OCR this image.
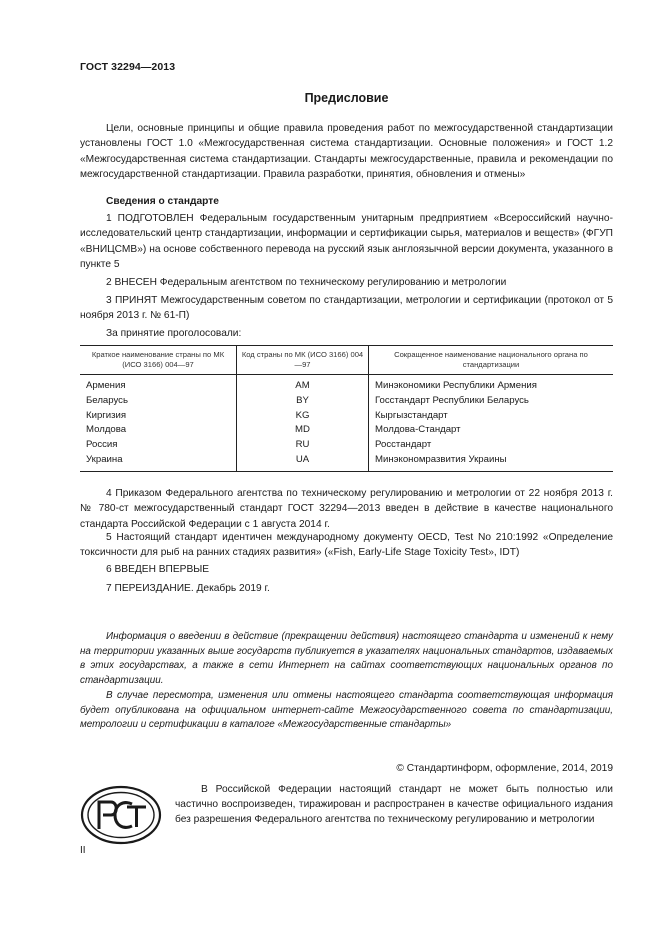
ГОСТ 32294—2013
Предисловие

Цели, основные принципы и общие правила проведения работ по межгосударственной стандартизации установлены ГОСТ 1.0 «Межгосударственная система стандартизации. Основные положения» и ГОСТ 1.2 «Межгосударственная система стандартизации. Стандарты межгосударственные, правила и рекомендации по межгосударственной стандартизации. Правила разработки, принятия, обновления и отмены»

Сведения о стандарте

1 ПОДГОТОВЛЕН Федеральным государственным унитарным предприятием «Всероссийский научно-исследовательский центр стандартизации, информации и сертификации сырья, материалов и веществ» (ФГУП «ВНИЦСМВ») на основе собственного перевода на русский язык англоязычной версии документа, указанного в пункте 5

2 ВНЕСЕН Федеральным агентством по техническому регулированию и метрологии

3 ПРИНЯТ Межгосударственным советом по стандартизации, метрологии и сертификации (протокол от 5 ноября 2013 г. № 61-П)

За принятие проголосовали:

Краткое наименование страны по МК (ИСО 3166) 004—97	Код страны по МК (ИСО 3166) 004—97	Сокращенное наименование национального органа по стандартизации
Армения	AM	Минэкономики Республики Армения
Беларусь	BY	Госстандарт Республики Беларусь
Киргизия	KG	Кыргызстандарт
Молдова	MD	Молдова-Стандарт
Россия	RU	Росстандарт
Украина	UA	Минэкономразвития Украины

4 Приказом Федерального агентства по техническому регулированию и метрологии от 22 ноября 2013 г. № 780-ст межгосударственный стандарт ГОСТ 32294—2013 введен в действие в качестве национального стандарта Российской Федерации с 1 августа 2014 г.

5 Настоящий стандарт идентичен международному документу OECD, Test No 210:1992 «Определение токсичности для рыб на ранних стадиях развития» («Fish, Early-Life Stage Toxicity Test», IDT)

6 ВВЕДЕН ВПЕРВЫЕ

7 ПЕРЕИЗДАНИЕ. Декабрь 2019 г.

Информация о введении в действие (прекращении действия) настоящего стандарта и изменений к нему на территории указанных выше государств публикуется в указателях национальных стандартов, издаваемых в этих государствах, а также в сети Интернет на сайтах соответствующих национальных органов по стандартизации.

В случае пересмотра, изменения или отмены настоящего стандарта соответствующая информация будет опубликована на официальном интернет-сайте Межгосударственного совета по стандартизации, метрологии и сертификации в каталоге «Межгосударственные стандарты»

© Стандартинформ, оформление, 2014, 2019

В Российской Федерации настоящий стандарт не может быть полностью или частично воспроизведен, тиражирован и распространен в качестве официального издания без разрешения Федерального агентства по техническому регулированию и метрологии

II
